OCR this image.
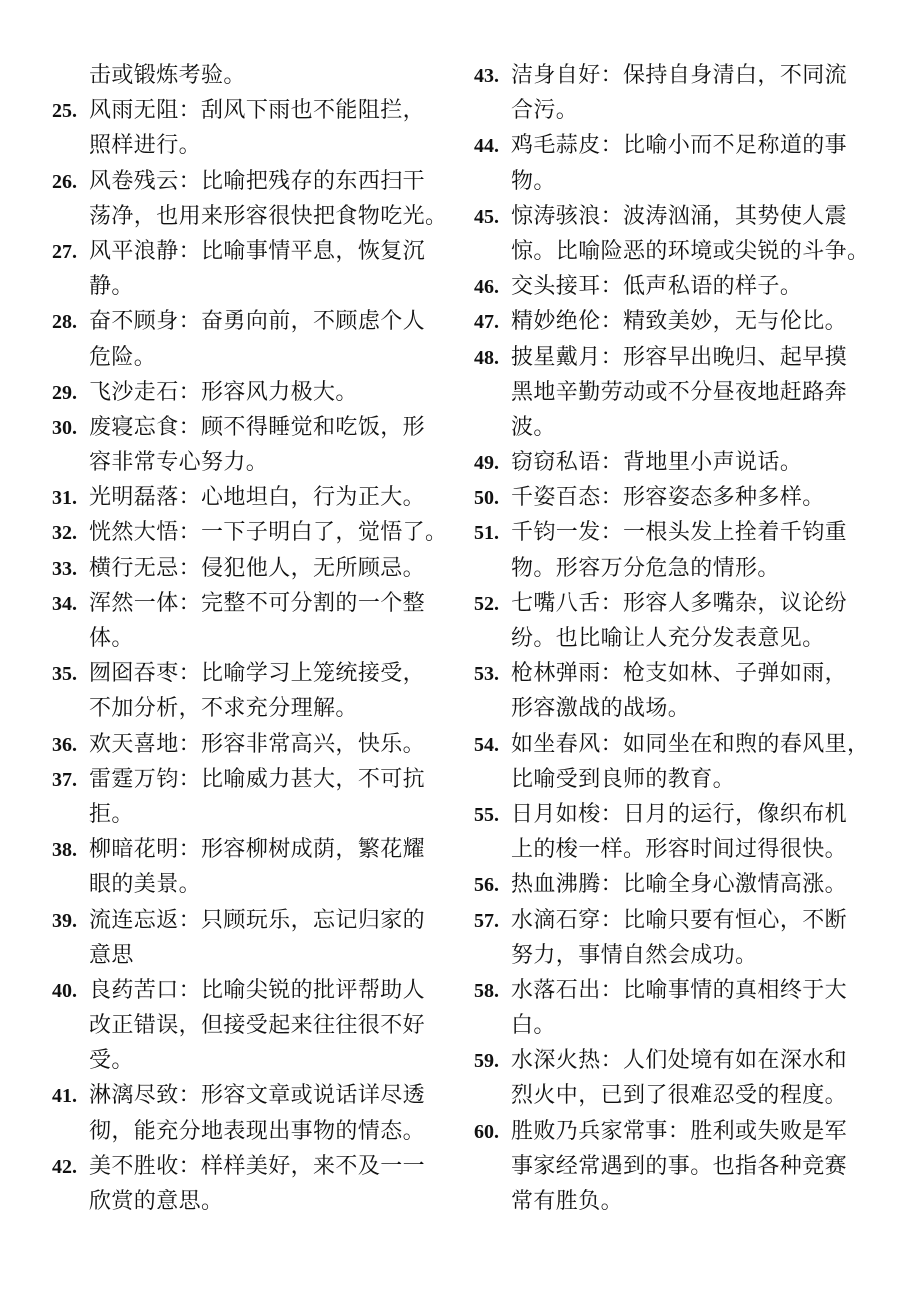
击或锻炼考验。
25. 风雨无阻：刮风下雨也不能阻拦，
照样进行。
26. 风卷残云：比喻把残存的东西扫干
荡净，也用来形容很快把食物吃光。
27. 风平浪静：比喻事情平息，恢复沉
静。
28. 奋不顾身：奋勇向前，不顾虑个人
危险。
29. 飞沙走石：形容风力极大。
30. 废寝忘食：顾不得睡觉和吃饭，形
容非常专心努力。
31. 光明磊落：心地坦白，行为正大。
32. 恍然大悟：一下子明白了，觉悟了。
33. 横行无忌：侵犯他人，无所顾忌。
34. 浑然一体：完整不可分割的一个整
体。
35. 囫囵吞枣：比喻学习上笼统接受，
不加分析，不求充分理解。
36. 欢天喜地：形容非常高兴，快乐。
37. 雷霆万钧：比喻威力甚大，不可抗
拒。
38. 柳暗花明：形容柳树成荫，繁花耀
眼的美景。
39. 流连忘返：只顾玩乐，忘记归家的
意思
40. 良药苦口：比喻尖锐的批评帮助人
改正错误，但接受起来往往很不好
受。
41. 淋漓尽致：形容文章或说话详尽透
彻，能充分地表现出事物的情态。
42. 美不胜收：样样美好，来不及一一
欣赏的意思。
43. 洁身自好：保持自身清白，不同流
合污。
44. 鸡毛蒜皮：比喻小而不足称道的事
物。
45. 惊涛骇浪：波涛汹涌，其势使人震
惊。比喻险恶的环境或尖锐的斗争。
46. 交头接耳：低声私语的样子。
47. 精妙绝伦：精致美妙，无与伦比。
48. 披星戴月：形容早出晚归、起早摸
黑地辛勤劳动或不分昼夜地赶路奔
波。
49. 窃窃私语：背地里小声说话。
50. 千姿百态：形容姿态多种多样。
51. 千钧一发：一根头发上拴着千钧重
物。形容万分危急的情形。
52. 七嘴八舌：形容人多嘴杂，议论纷
纷。也比喻让人充分发表意见。
53. 枪林弹雨：枪支如林、子弹如雨，
形容激战的战场。
54. 如坐春风：如同坐在和煦的春风里，
比喻受到良师的教育。
55. 日月如梭：日月的运行，像织布机
上的梭一样。形容时间过得很快。
56. 热血沸腾：比喻全身心激情高涨。
57. 水滴石穿：比喻只要有恒心，不断
努力，事情自然会成功。
58. 水落石出：比喻事情的真相终于大
白。
59. 水深火热：人们处境有如在深水和
烈火中，已到了很难忍受的程度。
60. 胜败乃兵家常事：胜利或失败是军
事家经常遇到的事。也指各种竞赛
常有胜负。
